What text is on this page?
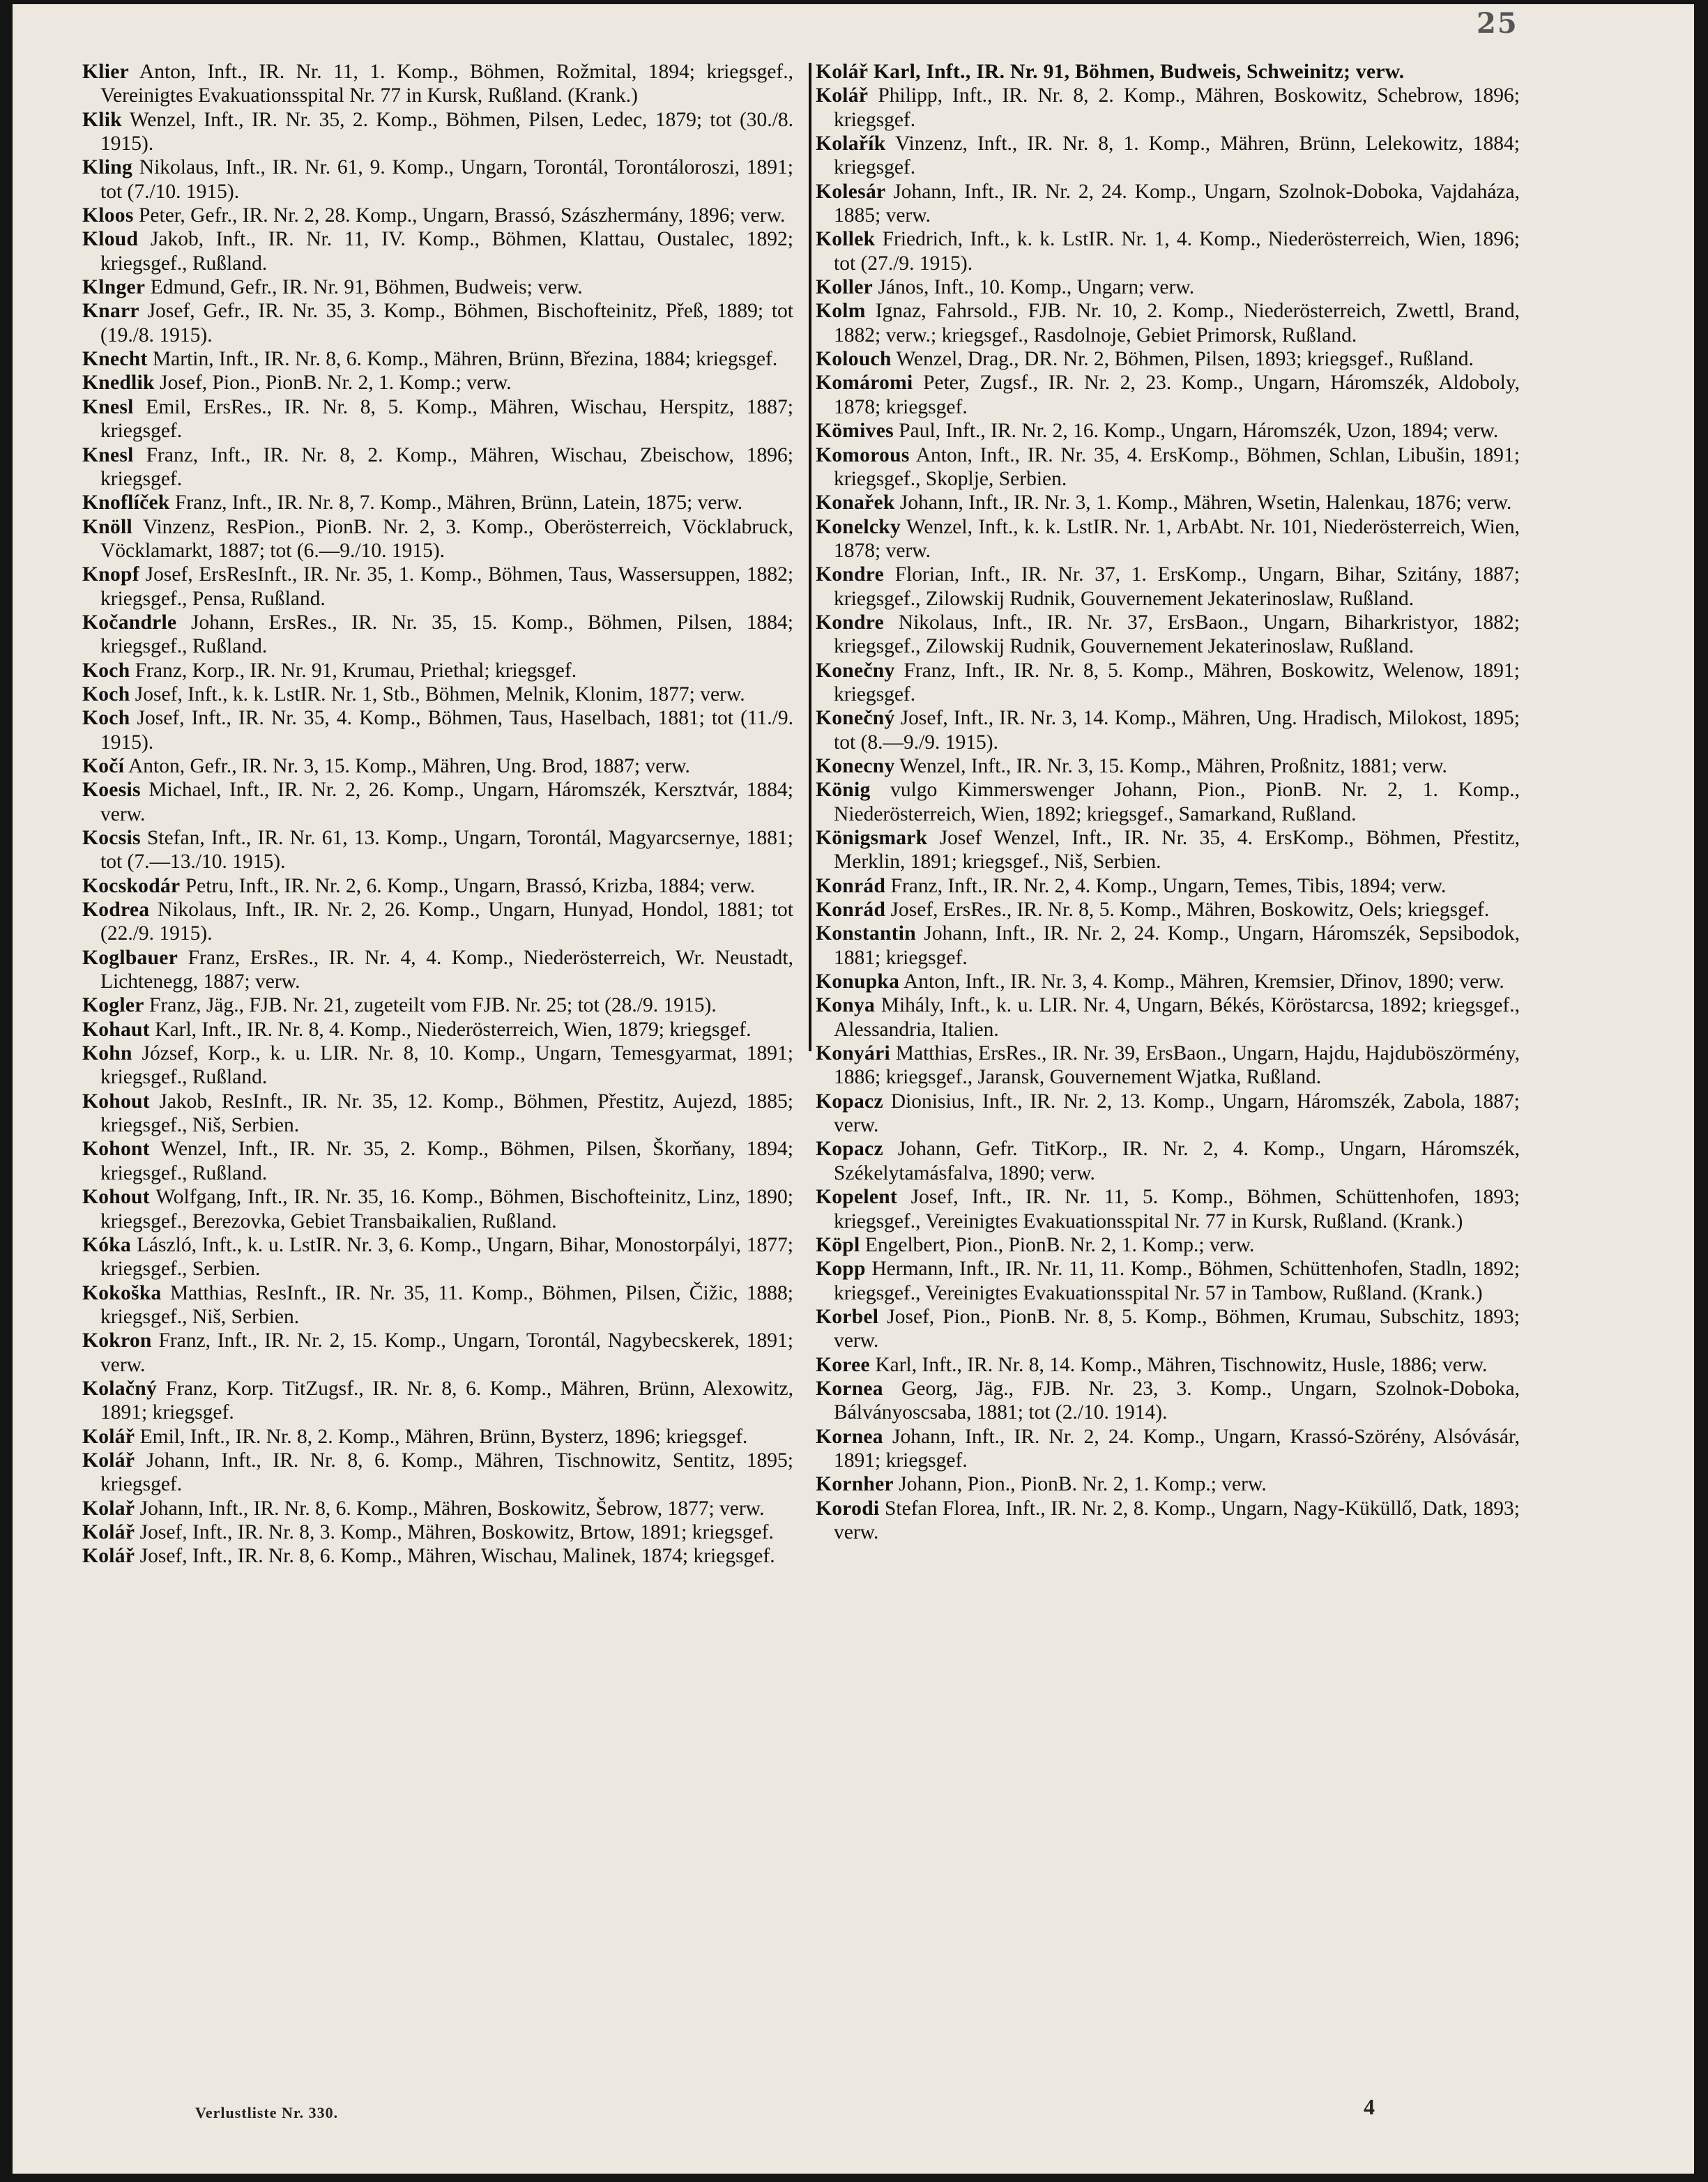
25
Klier Anton, Inft., IR. Nr. 11, 1. Komp., Böhmen, Rožmital, 1894; kriegsgef., Vereinigtes Evakuationsspital Nr. 77 in Kursk, Rußland. (Krank.)
Klik Wenzel, Inft., IR. Nr. 35, 2. Komp., Böhmen, Pilsen, Ledec, 1879; tot (30./8. 1915).
Kling Nikolaus, Inft., IR. Nr. 61, 9. Komp., Ungarn, Torontál, Torontáloroszi, 1891; tot (7./10. 1915).
Kloos Peter, Gefr., IR. Nr. 2, 28. Komp., Ungarn, Brassó, Szászhermány, 1896; verw.
Kloud Jakob, Inft., IR. Nr. 11, IV. Komp., Böhmen, Klattau, Oustalec, 1892; kriegsgef., Rußland.
Klnger Edmund, Gefr., IR. Nr. 91, Böhmen, Budweis; verw.
Knarr Josef, Gefr., IR. Nr. 35, 3. Komp., Böhmen, Bischofteinitz, Přeß, 1889; tot (19./8. 1915).
Knecht Martin, Inft., IR. Nr. 8, 6. Komp., Mähren, Brünn, Březina, 1884; kriegsgef.
Knedlik Josef, Pion., PionB. Nr. 2, 1. Komp.; verw.
Knesl Emil, ErsRes., IR. Nr. 8, 5. Komp., Mähren, Wischau, Herspitz, 1887; kriegsgef.
Knesl Franz, Inft., IR. Nr. 8, 2. Komp., Mähren, Wischau, Zbeischow, 1896; kriegsgef.
Knoflíček Franz, Inft., IR. Nr. 8, 7. Komp., Mähren, Brünn, Latein, 1875; verw.
Knöll Vinzenz, ResPion., PionB. Nr. 2, 3. Komp., Oberösterreich, Vöcklabruck, Vöcklamarkt, 1887; tot (6.—9./10. 1915).
Knopf Josef, ErsResInft., IR. Nr. 35, 1. Komp., Böhmen, Taus, Wassersuppen, 1882; kriegsgef., Pensa, Rußland.
Kočandrle Johann, ErsRes., IR. Nr. 35, 15. Komp., Böhmen, Pilsen, 1884; kriegsgef., Rußland.
Koch Franz, Korp., IR. Nr. 91, Krumau, Priethal; kriegsgef.
Koch Josef, Inft., k. k. LstIR. Nr. 1, Stb., Böhmen, Melnik, Klonim, 1877; verw.
Koch Josef, Inft., IR. Nr. 35, 4. Komp., Böhmen, Taus, Haselbach, 1881; tot (11./9. 1915).
Kočí Anton, Gefr., IR. Nr. 3, 15. Komp., Mähren, Ung. Brod, 1887; verw.
Koesis Michael, Inft., IR. Nr. 2, 26. Komp., Ungarn, Háromszék, Kersztvár, 1884; verw.
Kocsis Stefan, Inft., IR. Nr. 61, 13. Komp., Ungarn, Torontál, Magyarcsernye, 1881; tot (7.—13./10. 1915).
Kocskodár Petru, Inft., IR. Nr. 2, 6. Komp., Ungarn, Brassó, Krizba, 1884; verw.
Kodrea Nikolaus, Inft., IR. Nr. 2, 26. Komp., Ungarn, Hunyad, Hondol, 1881; tot (22./9. 1915).
Koglbauer Franz, ErsRes., IR. Nr. 4, 4. Komp., Niederösterreich, Wr. Neustadt, Lichtenegg, 1887; verw.
Kogler Franz, Jäg., FJB. Nr. 21, zugeteilt vom FJB. Nr. 25; tot (28./9. 1915).
Kohaut Karl, Inft., IR. Nr. 8, 4. Komp., Niederösterreich, Wien, 1879; kriegsgef.
Kohn József, Korp., k. u. LIR. Nr. 8, 10. Komp., Ungarn, Temesgyarmat, 1891; kriegsgef., Rußland.
Kohout Jakob, ResInft., IR. Nr. 35, 12. Komp., Böhmen, Přestitz, Aujezd, 1885; kriegsgef., Niš, Serbien.
Kohont Wenzel, Inft., IR. Nr. 35, 2. Komp., Böhmen, Pilsen, Škorňany, 1894; kriegsgef., Rußland.
Kohout Wolfgang, Inft., IR. Nr. 35, 16. Komp., Böhmen, Bischofteinitz, Linz, 1890; kriegsgef., Berezovka, Gebiet Transbaikalien, Rußland.
Kóka László, Inft., k. u. LstIR. Nr. 3, 6. Komp., Ungarn, Bihar, Monostorpályi, 1877; kriegsgef., Serbien.
Kokoška Matthias, ResInft., IR. Nr. 35, 11. Komp., Böhmen, Pilsen, Čižic, 1888; kriegsgef., Niš, Serbien.
Kokron Franz, Inft., IR. Nr. 2, 15. Komp., Ungarn, Torontál, Nagybecskerek, 1891; verw.
Kolačný Franz, Korp. TitZugsf., IR. Nr. 8, 6. Komp., Mähren, Brünn, Alexowitz, 1891; kriegsgef.
Kolář Emil, Inft., IR. Nr. 8, 2. Komp., Mähren, Brünn, Bysterz, 1896; kriegsgef.
Kolář Johann, Inft., IR. Nr. 8, 6. Komp., Mähren, Tischnowitz, Sentitz, 1895; kriegsgef.
Kolař Johann, Inft., IR. Nr. 8, 6. Komp., Mähren, Boskowitz, Šebrow, 1877; verw.
Kolář Josef, Inft., IR. Nr. 8, 3. Komp., Mähren, Boskowitz, Brtow, 1891; kriegsgef.
Kolář Josef, Inft., IR. Nr. 8, 6. Komp., Mähren, Wischau, Malinek, 1874; kriegsgef.
Kolář Karl, Inft., IR. Nr. 91, Böhmen, Budweis, Schweinitz; verw.
Kolář Philipp, Inft., IR. Nr. 8, 2. Komp., Mähren, Boskowitz, Schebrow, 1896; kriegsgef.
Kolařík Vinzenz, Inft., IR. Nr. 8, 1. Komp., Mähren, Brünn, Lelekowitz, 1884; kriegsgef.
Kolesár Johann, Inft., IR. Nr. 2, 24. Komp., Ungarn, Szolnok-Doboka, Vajdaháza, 1885; verw.
Kollek Friedrich, Inft., k. k. LstIR. Nr. 1, 4. Komp., Niederösterreich, Wien, 1896; tot (27./9. 1915).
Koller János, Inft., 10. Komp., Ungarn; verw.
Kolm Ignaz, Fahrsold., FJB. Nr. 10, 2. Komp., Niederösterreich, Zwettl, Brand, 1882; verw.; kriegsgef., Rasdolnoje, Gebiet Primorsk, Rußland.
Kolouch Wenzel, Drag., DR. Nr. 2, Böhmen, Pilsen, 1893; kriegsgef., Rußland.
Komáromi Peter, Zugsf., IR. Nr. 2, 23. Komp., Ungarn, Háromszék, Aldoboly, 1878; kriegsgef.
Kömives Paul, Inft., IR. Nr. 2, 16. Komp., Ungarn, Háromszék, Uzon, 1894; verw.
Komorous Anton, Inft., IR. Nr. 35, 4. ErsKomp., Böhmen, Schlan, Libušin, 1891; kriegsgef., Skoplje, Serbien.
Konařek Johann, Inft., IR. Nr. 3, 1. Komp., Mähren, Wsetin, Halenkau, 1876; verw.
Konelcky Wenzel, Inft., k. k. LstIR. Nr. 1, ArbAbt. Nr. 101, Niederösterreich, Wien, 1878; verw.
Kondre Florian, Inft., IR. Nr. 37, 1. ErsKomp., Ungarn, Bihar, Szitány, 1887; kriegsgef., Zilowskij Rudnik, Gouvernement Jekaterinoslaw, Rußland.
Kondre Nikolaus, Inft., IR. Nr. 37, ErsBaon., Ungarn, Biharkristyor, 1882; kriegsgef., Zilowskij Rudnik, Gouvernement Jekaterinoslaw, Rußland.
Konečny Franz, Inft., IR. Nr. 8, 5. Komp., Mähren, Boskowitz, Welenow, 1891; kriegsgef.
Konečný Josef, Inft., IR. Nr. 3, 14. Komp., Mähren, Ung. Hradisch, Milokost, 1895; tot (8.—9./9. 1915).
Konecny Wenzel, Inft., IR. Nr. 3, 15. Komp., Mähren, Proßnitz, 1881; verw.
König vulgo Kimmerswenger Johann, Pion., PionB. Nr. 2, 1. Komp., Niederösterreich, Wien, 1892; kriegsgef., Samarkand, Rußland.
Königsmark Josef Wenzel, Inft., IR. Nr. 35, 4. ErsKomp., Böhmen, Přestitz, Merklin, 1891; kriegsgef., Niš, Serbien.
Konrád Franz, Inft., IR. Nr. 2, 4. Komp., Ungarn, Temes, Tibis, 1894; verw.
Konrád Josef, ErsRes., IR. Nr. 8, 5. Komp., Mähren, Boskowitz, Oels; kriegsgef.
Konstantin Johann, Inft., IR. Nr. 2, 24. Komp., Ungarn, Háromszék, Sepsibodok, 1881; kriegsgef.
Konupka Anton, Inft., IR. Nr. 3, 4. Komp., Mähren, Kremsier, Dřinov, 1890; verw.
Konya Mihály, Inft., k. u. LIR. Nr. 4, Ungarn, Békés, Köröstarcsa, 1892; kriegsgef., Alessandria, Italien.
Konyári Matthias, ErsRes., IR. Nr. 39, ErsBaon., Ungarn, Hajdu, Hajduböszörmény, 1886; kriegsgef., Jaransk, Gouvernement Wjatka, Rußland.
Kopacz Dionisius, Inft., IR. Nr. 2, 13. Komp., Ungarn, Háromszék, Zabola, 1887; verw.
Kopacz Johann, Gefr. TitKorp., IR. Nr. 2, 4. Komp., Ungarn, Háromszék, Székelytamásfalva, 1890; verw.
Kopelent Josef, Inft., IR. Nr. 11, 5. Komp., Böhmen, Schüttenhofen, 1893; kriegsgef., Vereinigtes Evakuationsspital Nr. 77 in Kursk, Rußland. (Krank.)
Köpl Engelbert, Pion., PionB. Nr. 2, 1. Komp.; verw.
Kopp Hermann, Inft., IR. Nr. 11, 11. Komp., Böhmen, Schüttenhofen, Stadln, 1892; kriegsgef., Vereinigtes Evakuationsspital Nr. 57 in Tambow, Rußland. (Krank.)
Korbel Josef, Pion., PionB. Nr. 8, 5. Komp., Böhmen, Krumau, Subschitz, 1893; verw.
Koree Karl, Inft., IR. Nr. 8, 14. Komp., Mähren, Tischnowitz, Husle, 1886; verw.
Kornea Georg, Jäg., FJB. Nr. 23, 3. Komp., Ungarn, Szolnok-Doboka, Bálványoscsaba, 1881; tot (2./10. 1914).
Kornea Johann, Inft., IR. Nr. 2, 24. Komp., Ungarn, Krassó-Szörény, Alsóvásár, 1891; kriegsgef.
Kornher Johann, Pion., PionB. Nr. 2, 1. Komp.; verw.
Korodi Stefan Florea, Inft., IR. Nr. 2, 8. Komp., Ungarn, Nagy-Küküllő, Datk, 1893; verw.
Verlustliste Nr. 330.	4
